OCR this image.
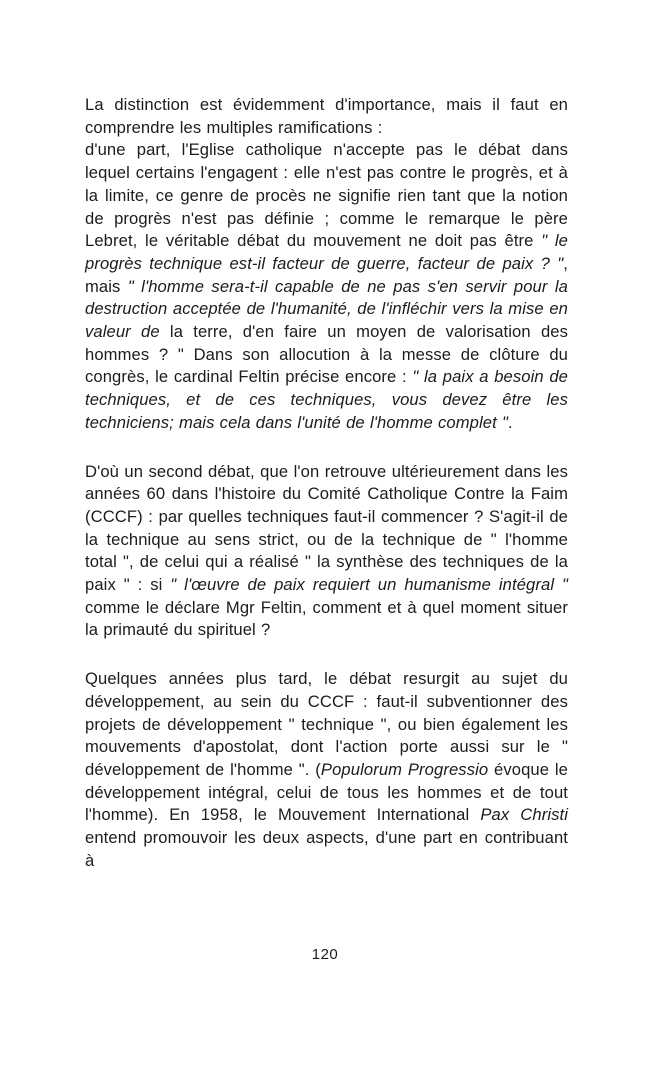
La distinction est évidemment d'importance, mais il faut en comprendre les multiples ramifications :

d'une part, l'Eglise catholique n'accepte pas le débat dans lequel certains l'engagent : elle n'est pas contre le progrès, et à la limite, ce genre de procès ne signifie rien tant que la notion de progrès n'est pas définie ; comme le remarque le père Lebret, le véritable débat du mouvement ne doit pas être " le progrès technique est-il facteur de guerre, facteur de paix ? ", mais " l'homme sera-t-il capable de ne pas s'en servir pour la destruction acceptée de l'humanité, de l'infléchir vers la mise en valeur de la terre, d'en faire un moyen de valorisation des hommes ? " Dans son allocution à la messe de clôture du congrès, le cardinal Feltin précise encore : " la paix a besoin de techniques, et de ces techniques, vous devez être les techniciens; mais cela dans l'unité de l'homme complet ".

D'où un second débat, que l'on retrouve ultérieurement dans les années 60 dans l'histoire du Comité Catholique Contre la Faim (CCCF) : par quelles techniques faut-il commencer ? S'agit-il de la technique au sens strict, ou de la technique de " l'homme total ", de celui qui a réalisé " la synthèse des techniques de la paix " : si " l'œuvre de paix requiert un humanisme intégral " comme le déclare Mgr Feltin, comment et à quel moment situer la primauté du spirituel ?

Quelques années plus tard, le débat resurgit au sujet du développement, au sein du CCCF : faut-il subventionner des projets de développement " technique ", ou bien également les mouvements d'apostolat, dont l'action porte aussi sur le " développement de l'homme ". (Populorum Progressio évoque le développement intégral, celui de tous les hommes et de tout l'homme). En 1958, le Mouvement International Pax Christi entend promouvoir les deux aspects, d'une part en contribuant à

120
